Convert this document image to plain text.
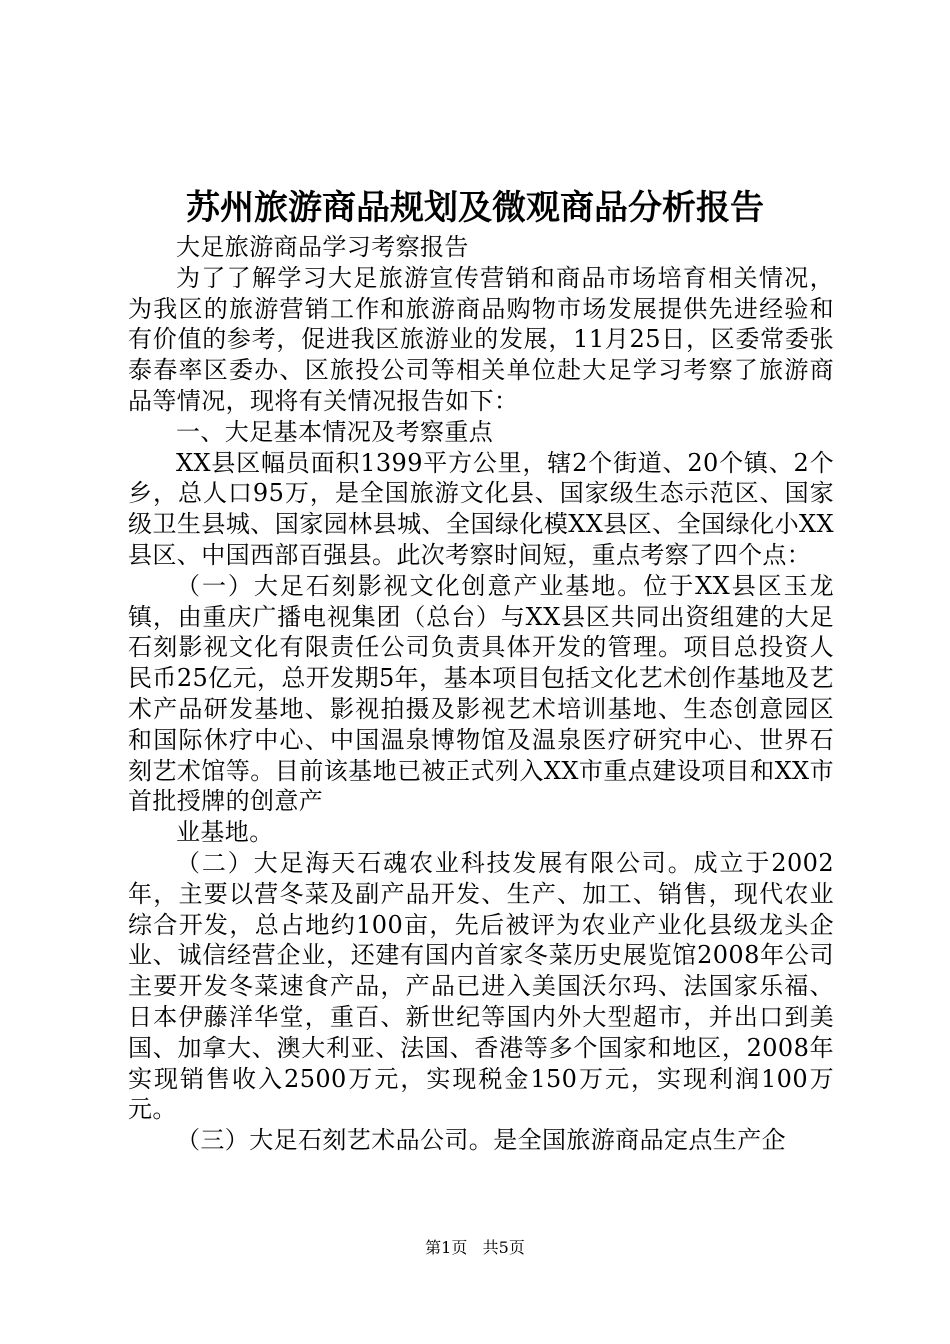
苏州旅游商品规划及微观商品分析报告

大足旅游商品学习考察报告

为了了解学习大足旅游宣传营销和商品市场培育相关情况，为我区的旅游营销工作和旅游商品购物市场发展提供先进经验和有价值的参考，促进我区旅游业的发展，11月25日，区委常委张泰春率区委办、区旅投公司等相关单位赴大足学习考察了旅游商品等情况，现将有关情况报告如下：

一、大足基本情况及考察重点

XX县区幅员面积1399平方公里，辖2个街道、20个镇、2个乡，总人口95万，是全国旅游文化县、国家级生态示范区、国家级卫生县城、国家园林县城、全国绿化模XX县区、全国绿化小XX县区、中国西部百强县。此次考察时间短，重点考察了四个点：

（一）大足石刻影视文化创意产业基地。位于XX县区玉龙镇，由重庆广播电视集团（总台）与XX县区共同出资组建的大足石刻影视文化有限责任公司负责具体开发的管理。项目总投资人民币25亿元，总开发期5年，基本项目包括文化艺术创作基地及艺术产品研发基地、影视拍摄及影视艺术培训基地、生态创意园区和国际休疗中心、中国温泉博物馆及温泉医疗研究中心、世界石刻艺术馆等。目前该基地已被正式列入XX市重点建设项目和XX市首批授牌的创意产

业基地。

（二）大足海天石魂农业科技发展有限公司。成立于2002年，主要以营冬菜及副产品开发、生产、加工、销售，现代农业综合开发，总占地约100亩，先后被评为农业产业化县级龙头企业、诚信经营企业，还建有国内首家冬菜历史展览馆2008年公司主要开发冬菜速食产品，产品已进入美国沃尔玛、法国家乐福、日本伊藤洋华堂，重百、新世纪等国内外大型超市，并出口到美国、加拿大、澳大利亚、法国、香港等多个国家和地区，2008年实现销售收入2500万元，实现税金150万元，实现利润100万元。

（三）大足石刻艺术品公司。是全国旅游商品定点生产企

第1页 共5页
